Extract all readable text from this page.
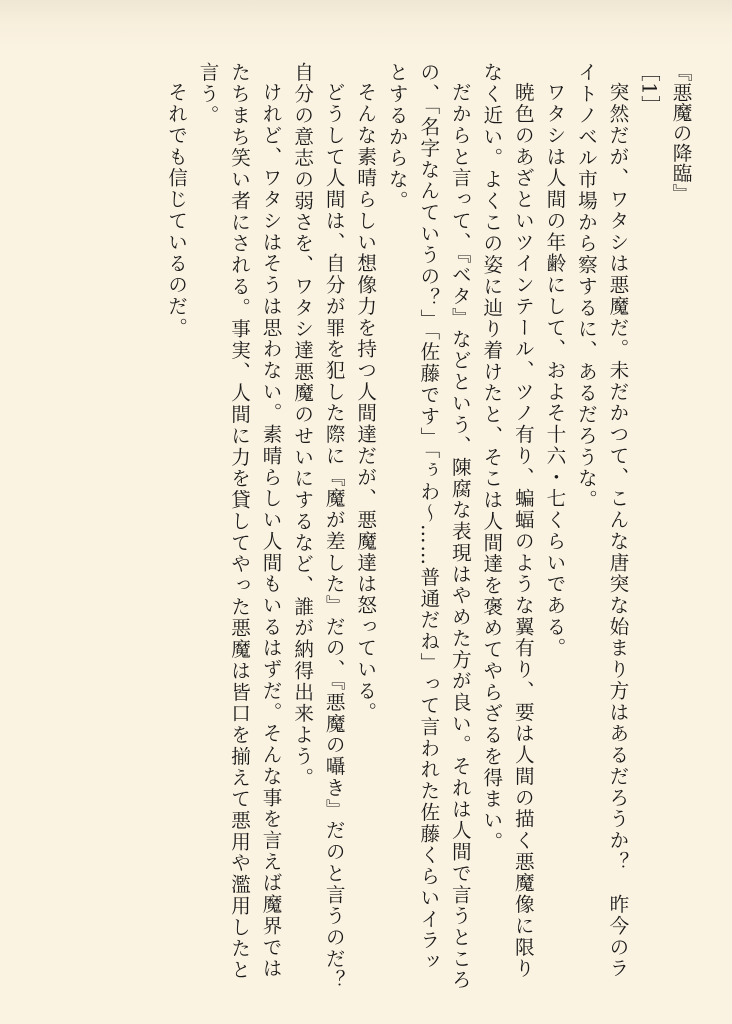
『悪魔の降臨』

［1］

突然だが、ワタシは悪魔だ。未だかつて、こんな唐突な始まり方はあるだろうか？　昨今のライトノベル市場から察するに、あるだろうな。

ワタシは人間の年齢にして、およそ十六・七くらいである。

暁色のあざといツインテール、ツノ有り、蝙蝠のような翼有り、要は人間の描く悪魔像に限りなく近い。よくこの姿に辿り着けたと、そこは人間達を褒めてやらざるを得まい。

だからと言って、『ベタ』などという、陳腐な表現はやめた方が良い。それは人間で言うところの、「名字なんていうの？」「佐藤です」「ぅわ～……普通だね」って言われた佐藤くらいイラッとするからな。

そんな素晴らしい想像力を持つ人間達だが、悪魔達は怒っている。

どうして人間は、自分が罪を犯した際に『魔が差した』だの、『悪魔の囁き』だのと言うのだ？　自分の意志の弱さを、ワタシ達悪魔のせいにするなど、誰が納得出来よう。

けれど、ワタシはそうは思わない。素晴らしい人間もいるはずだ。そんな事を言えば魔界ではたちまち笑い者にされる。事実、人間に力を貸してやった悪魔は皆口を揃えて悪用や濫用したと言う。

それでも信じているのだ。
